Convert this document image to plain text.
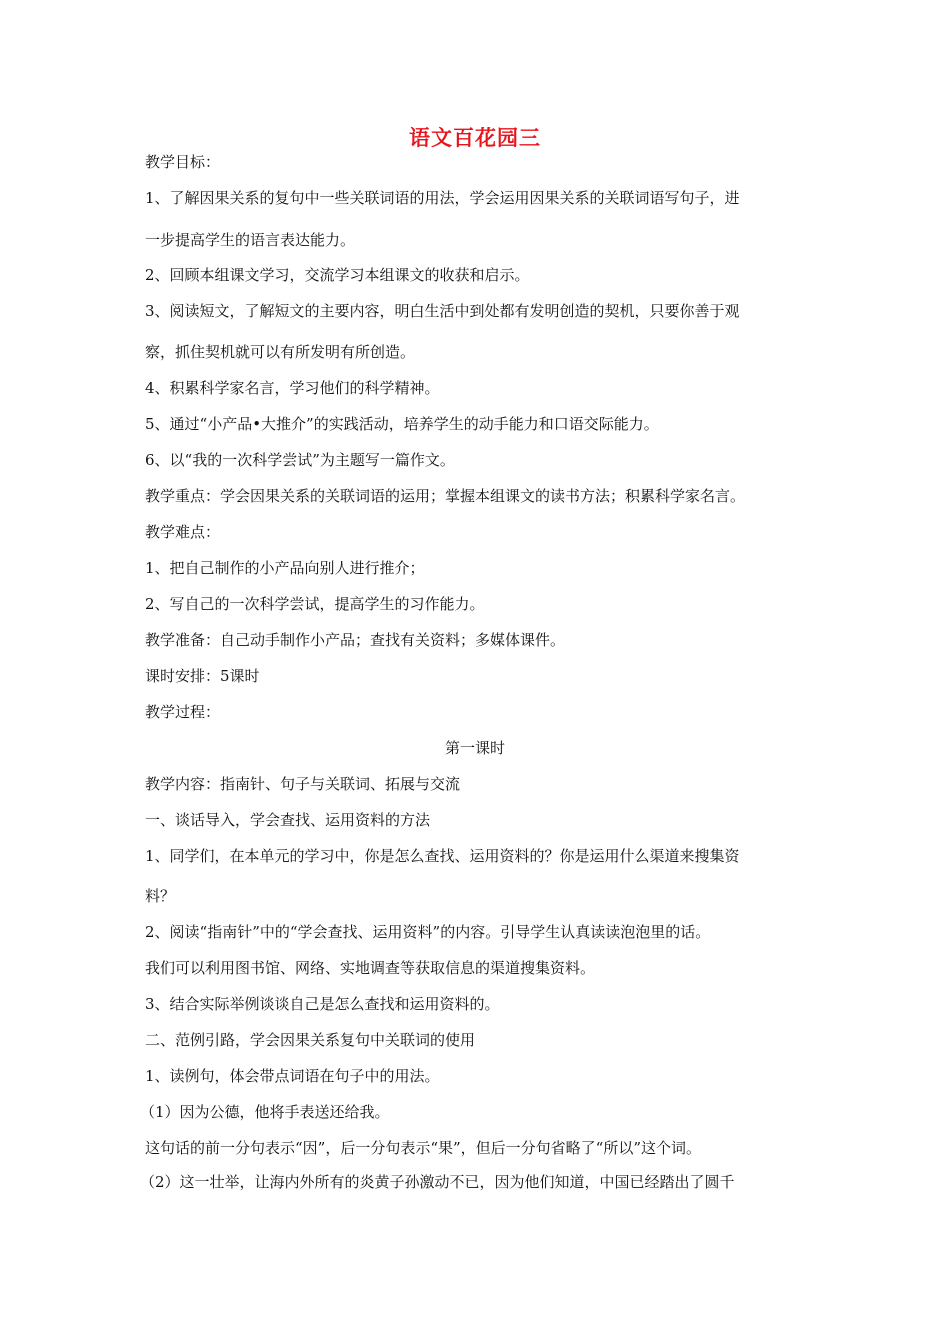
语文百花园三
教学目标：
1、了解因果关系的复句中一些关联词语的用法，学会运用因果关系的关联词语写句子，进
一步提高学生的语言表达能力。
2、回顾本组课文学习，交流学习本组课文的收获和启示。
3、阅读短文，了解短文的主要内容，明白生活中到处都有发明创造的契机，只要你善于观
察，抓住契机就可以有所发明有所创造。
4、积累科学家名言，学习他们的科学精神。
5、通过“小产品•大推介”的实践活动，培养学生的动手能力和口语交际能力。
6、以“我的一次科学尝试”为主题写一篇作文。
教学重点：学会因果关系的关联词语的运用；掌握本组课文的读书方法；积累科学家名言。
教学难点：
1、把自己制作的小产品向别人进行推介；
2、写自己的一次科学尝试，提高学生的习作能力。
教学准备：自己动手制作小产品；查找有关资料；多媒体课件。
课时安排：5课时
教学过程：
第一课时
教学内容：指南针、句子与关联词、拓展与交流
一、谈话导入，学会查找、运用资料的方法
1、同学们，在本单元的学习中，你是怎么查找、运用资料的？你是运用什么渠道来搜集资
料？
2、阅读“指南针”中的“学会查找、运用资料”的内容。引导学生认真读读泡泡里的话。
我们可以利用图书馆、网络、实地调查等获取信息的渠道搜集资料。
3、结合实际举例谈谈自己是怎么查找和运用资料的。
二、范例引路，学会因果关系复句中关联词的使用
1、读例句，体会带点词语在句子中的用法。
（1）因为公德，他将手表送还给我。
这句话的前一分句表示“因”，后一分句表示“果”，但后一分句省略了“所以”这个词。
（2）这一壮举，让海内外所有的炎黄子孙激动不已，因为他们知道，中国已经踏出了圆千
